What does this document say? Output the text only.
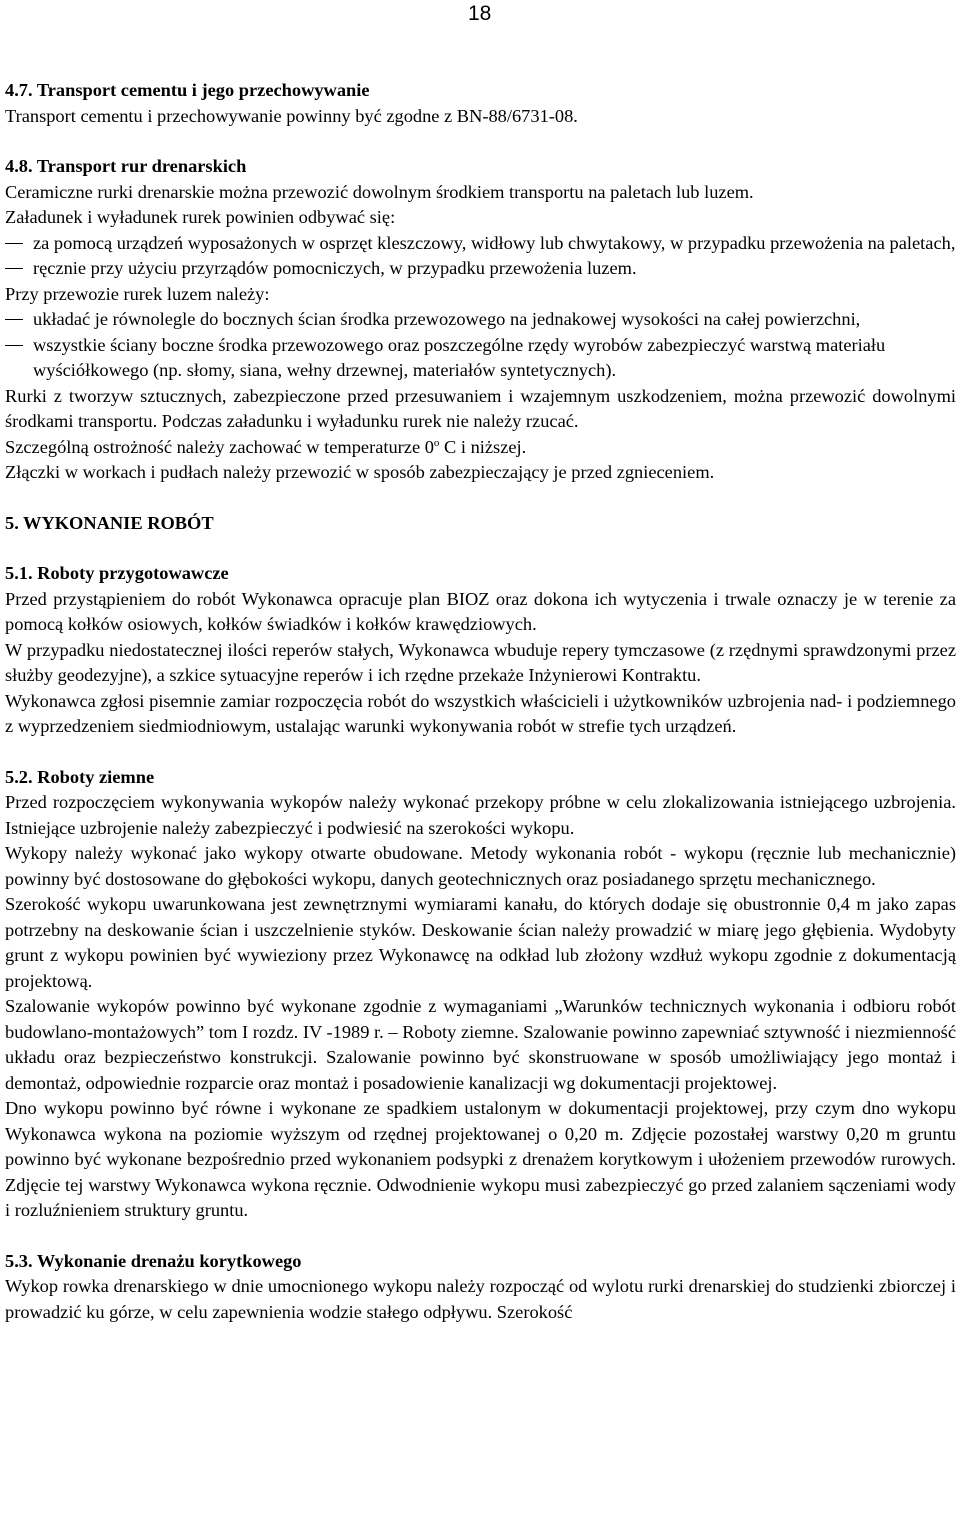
18

4.7. Transport cementu i jego przechowywanie

Transport cementu i przechowywanie powinny być zgodne z BN-88/6731-08.

4.8. Transport rur drenarskich

Ceramiczne rurki drenarskie można przewozić dowolnym środkiem transportu na paletach lub luzem.

Załadunek i wyładunek rurek powinien odbywać się:

za pomocą urządzeń wyposażonych w osprzęt kleszczowy, widłowy lub chwytakowy, w przypadku przewożenia na paletach,
ręcznie przy użyciu przyrządów pomocniczych, w przypadku przewożenia luzem.

Przy przewozie rurek luzem należy:

układać je równolegle do bocznych ścian środka przewozowego na jednakowej wysokości na całej powierzchni,
wszystkie ściany boczne środka przewozowego oraz poszczególne rzędy wyrobów zabezpieczyć warstwą materiału wyściółkowego (np. słomy, siana, wełny drzewnej, materiałów syntetycznych).

Rurki z tworzyw sztucznych, zabezpieczone przed przesuwaniem i wzajemnym uszkodzeniem, można przewozić dowolnymi środkami transportu. Podczas załadunku i wyładunku rurek nie należy rzucać.

Szczególną ostrożność należy zachować w temperaturze 0$^o$ C i niższej.

Złączki w workach i pudłach należy przewozić w sposób zabezpieczający je przed zgnieceniem.

5. WYKONANIE ROBÓT

5.1. Roboty przygotowawcze

Przed przystąpieniem do robót Wykonawca opracuje plan BIOZ oraz dokona ich wytyczenia i trwale oznaczy je w terenie za pomocą kołków osiowych, kołków świadków i kołków krawędziowych.

W przypadku niedostatecznej ilości reperów stałych, Wykonawca wbuduje repery tymczasowe (z rzędnymi sprawdzonymi przez służby geodezyjne), a szkice sytuacyjne reperów i ich rzędne przekaże Inżynierowi Kontraktu.

Wykonawca zgłosi pisemnie zamiar rozpoczęcia robót do wszystkich właścicieli i użytkowników uzbrojenia nad- i podziemnego z wyprzedzeniem siedmiodniowym, ustalając warunki wykonywania robót w strefie tych urządzeń.

5.2. Roboty ziemne

Przed rozpoczęciem wykonywania wykopów należy wykonać przekopy próbne w celu zlokalizowania istniejącego uzbrojenia. Istniejące uzbrojenie należy zabezpieczyć i podwiesić na szerokości wykopu.

Wykopy należy wykonać jako wykopy otwarte obudowane. Metody wykonania robót - wykopu (ręcznie lub mechanicznie) powinny być dostosowane do głębokości wykopu, danych geotechnicznych oraz posiadanego sprzętu mechanicznego.

Szerokość wykopu uwarunkowana jest zewnętrznymi wymiarami kanału, do których dodaje się obustronnie 0,4 m jako zapas potrzebny na deskowanie ścian i uszczelnienie styków. Deskowanie ścian należy prowadzić w miarę jego głębienia. Wydobyty grunt z wykopu powinien być wywieziony przez Wykonawcę na odkład lub złożony wzdłuż wykopu zgodnie z dokumentacją projektową.

Szalowanie wykopów powinno być wykonane zgodnie z wymaganiami „Warunków technicznych wykonania i odbioru robót budowlano-montażowych” tom I rozdz. IV -1989 r. – Roboty ziemne. Szalowanie powinno zapewniać sztywność i niezmienność układu oraz bezpieczeństwo konstrukcji. Szalowanie powinno być skonstruowane w sposób umożliwiający jego montaż i demontaż, odpowiednie rozparcie oraz montaż i posadowienie kanalizacji wg dokumentacji projektowej.

Dno wykopu powinno być równe i wykonane ze spadkiem ustalonym w dokumentacji projektowej, przy czym dno wykopu Wykonawca wykona na poziomie wyższym od rzędnej projektowanej o 0,20 m. Zdjęcie pozostałej warstwy 0,20 m gruntu powinno być wykonane bezpośrednio przed wykonaniem podsypki z drenażem korytkowym i ułożeniem przewodów rurowych. Zdjęcie tej warstwy Wykonawca wykona ręcznie. Odwodnienie wykopu musi zabezpieczyć go przed zalaniem sączeniami wody i rozluźnieniem struktury gruntu.

5.3. Wykonanie drenażu korytkowego

Wykop rowka drenarskiego w dnie umocnionego wykopu należy rozpocząć od wylotu rurki drenarskiej do studzienki zbiorczej i prowadzić ku górze, w celu zapewnienia wodzie stałego odpływu. Szerokość
